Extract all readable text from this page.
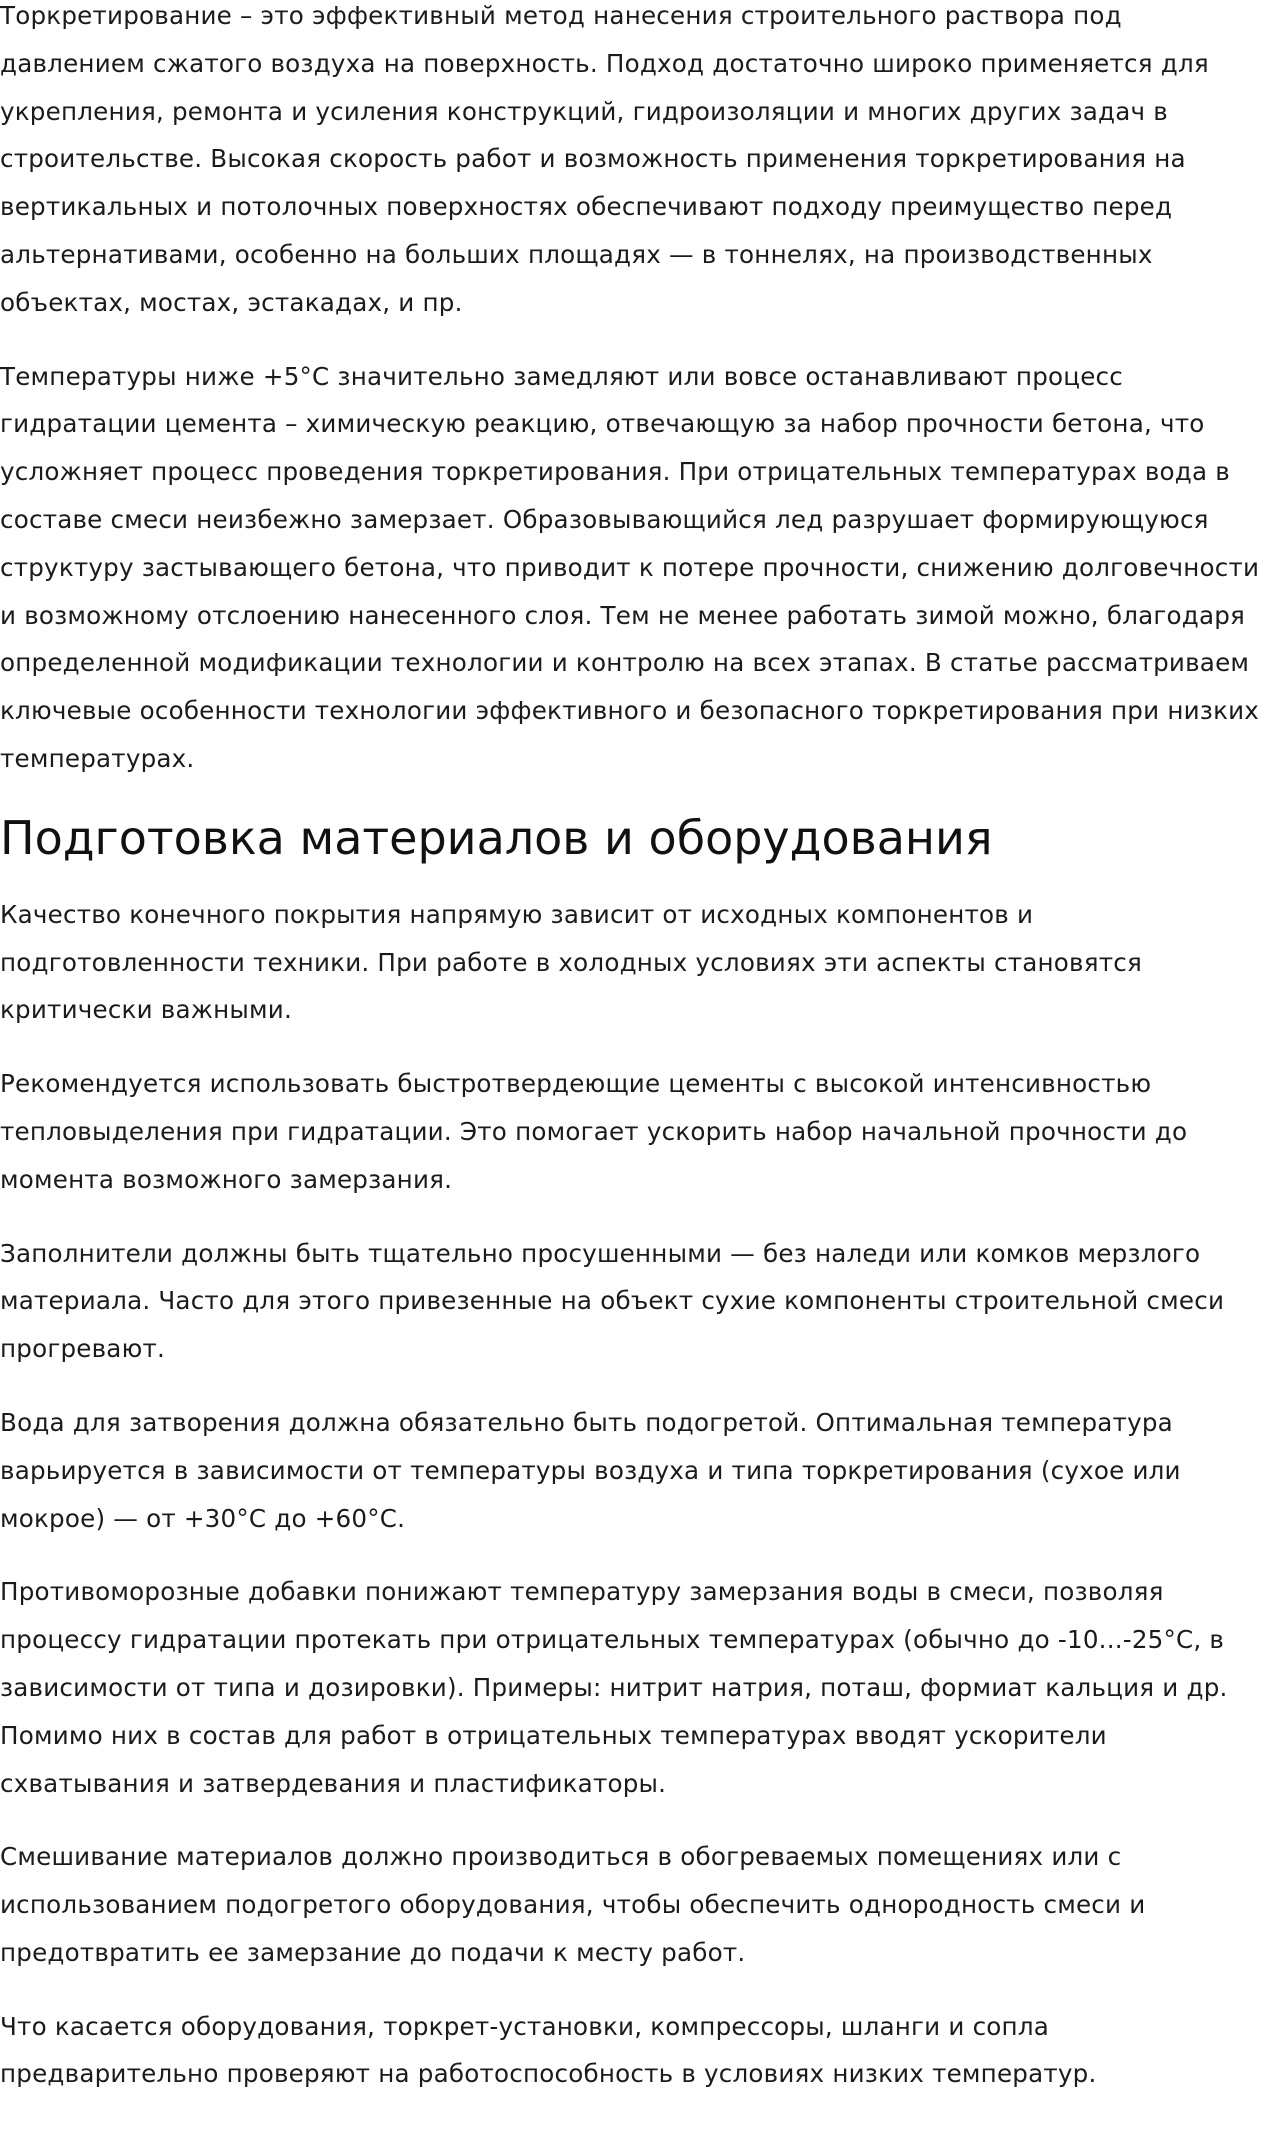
Торкретирование – это эффективный метод нанесения строительного раствора под давлением сжатого воздуха на поверхность. Подход достаточно широко применяется для укрепления, ремонта и усиления конструкций, гидроизоляции и многих других задач в строительстве. Высокая скорость работ и возможность применения торкретирования на вертикальных и потолочных поверхностях обеспечивают подходу преимущество перед альтернативами, особенно на больших площадях — в тоннелях, на производственных объектах, мостах, эстакадах, и пр.

Температуры ниже +5°C значительно замедляют или вовсе останавливают процесс гидратации цемента – химическую реакцию, отвечающую за набор прочности бетона, что усложняет процесс проведения торкретирования. При отрицательных температурах вода в составе смеси неизбежно замерзает. Образовывающийся лед разрушает формирующуюся структуру застывающего бетона, что приводит к потере прочности, снижению долговечности и возможному отслоению нанесенного слоя. Тем не менее работать зимой можно, благодаря определенной модификации технологии и контролю на всех этапах. В статье рассматриваем ключевые особенности технологии эффективного и безопасного торкретирования при низких температурах.

Подготовка материалов и оборудования

Качество конечного покрытия напрямую зависит от исходных компонентов и подготовленности техники. При работе в холодных условиях эти аспекты становятся критически важными.

Рекомендуется использовать быстротвердеющие цементы с высокой интенсивностью тепловыделения при гидратации. Это помогает ускорить набор начальной прочности до момента возможного замерзания.

Заполнители должны быть тщательно просушенными — без наледи или комков мерзлого материала. Часто для этого привезенные на объект сухие компоненты строительной смеси прогревают.

Вода для затворения должна обязательно быть подогретой. Оптимальная температура варьируется в зависимости от температуры воздуха и типа торкретирования (сухое или мокрое) — от +30°C до +60°C.

Противоморозные добавки понижают температуру замерзания воды в смеси, позволяя процессу гидратации протекать при отрицательных температурах (обычно до -10...-25°C, в зависимости от типа и дозировки). Примеры: нитрит натрия, поташ, формиат кальция и др. Помимо них в состав для работ в отрицательных температурах вводят ускорители схватывания и затвердевания и пластификаторы.

Смешивание материалов должно производиться в обогреваемых помещениях или с использованием подогретого оборудования, чтобы обеспечить однородность смеси и предотвратить ее замерзание до подачи к месту работ.

Что касается оборудования, торкрет-установки, компрессоры, шланги и сопла предварительно проверяют на работоспособность в условиях низких температур.
